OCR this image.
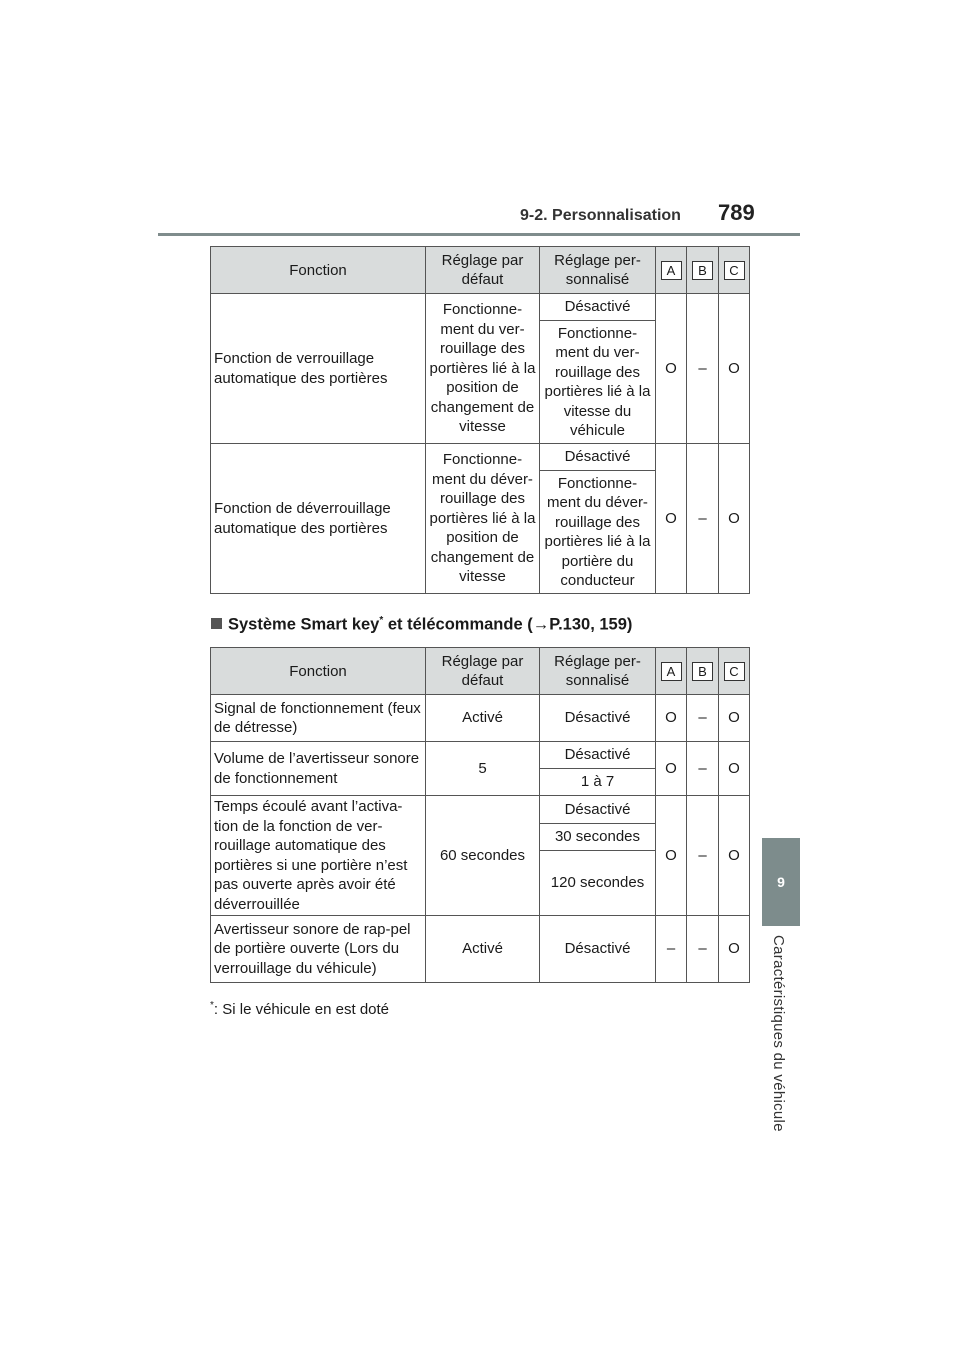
9-2. Personnalisation 789
9
Caractéristiques du véhicule
Fonction	Réglage par défaut	Réglage per-sonnalisé	A	B	C
Fonction de verrouillage automatique des portières	Fonctionne-ment du ver-rouillage des portières lié à la position de changement de vitesse	Désactivé	O	–	O
		Fonctionne-ment du ver-rouillage des portières lié à la vitesse du véhicule			
Fonction de déverrouillage automatique des portières	Fonctionne-ment du déver-rouillage des portières lié à la position de changement de vitesse	Désactivé	O	–	O
		Fonctionne-ment du déver-rouillage des portières lié à la portière du conducteur			
Système Smart key* et télécommande (→P.130, 159)
Fonction	Réglage par défaut	Réglage per-sonnalisé	A	B	C
Signal de fonctionnement (feux de détresse)	Activé	Désactivé	O	–	O
Volume de l’avertisseur sonore de fonctionnement	5	Désactivé	O	–	O
		1 à 7			
Temps écoulé avant l’activa-tion de la fonction de ver-rouillage automatique des portières si une portière n’est pas ouverte après avoir été déverrouillée	60 secondes	Désactivé	O	–	O
		30 secondes			
		120 secondes			
Avertisseur sonore de rap-pel de portière ouverte (Lors du verrouillage du véhicule)	Activé	Désactivé	–	–	O
*: Si le véhicule en est doté
